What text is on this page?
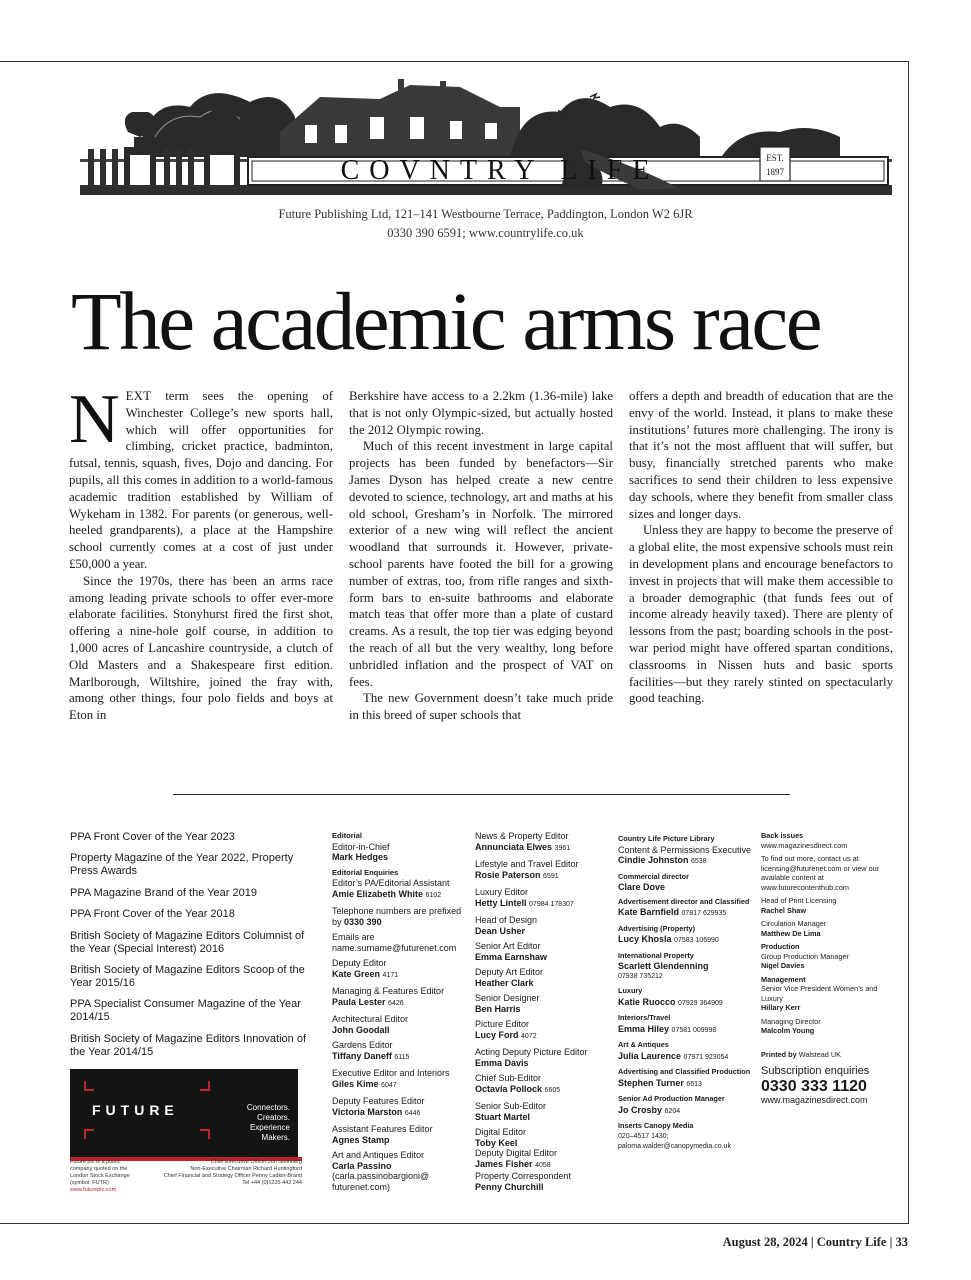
EST.
1897
COVNTRY LIFE
Future Publishing Ltd, 121–141 Westbourne Terrace, Paddington, London W2 6JR
0330 390 6591; www.countrylife.co.uk
The academic arms race

NEXT term sees the opening of Winchester College’s new sports hall, which will offer opportunities for climbing, cricket practice, badminton, futsal, tennis, squash, fives, Dojo and dancing. For pupils, all this comes in addition to a world-famous academic tradition established by William of Wykeham in 1382. For parents (or generous, well-heeled grandparents), a place at the Hampshire school currently comes at a cost of just under £50,000 a year.

Since the 1970s, there has been an arms race among leading private schools to offer ever-more elaborate facilities. Stonyhurst fired the first shot, offering a nine-hole golf course, in addition to 1,000 acres of Lancashire countryside, a clutch of Old Masters and a Shakespeare first edition. Marlborough, Wiltshire, joined the fray with, among other things, four polo fields and boys at Eton in

Berkshire have access to a 2.2km (1.36-mile) lake that is not only Olympic-sized, but actually hosted the 2012 Olympic rowing.

Much of this recent investment in large capital projects has been funded by benefactors—Sir James Dyson has helped create a new centre devoted to science, technology, art and maths at his old school, Gresham’s in Norfolk. The mirrored exterior of a new wing will reflect the ancient woodland that surrounds it. However, private-school parents have footed the bill for a growing number of extras, too, from rifle ranges and sixth-form bars to en-suite bathrooms and elaborate match teas that offer more than a plate of custard creams. As a result, the top tier was edging beyond the reach of all but the very wealthy, long before unbridled inflation and the prospect of VAT on fees.

The new Government doesn’t take much pride in this breed of super schools that

offers a depth and breadth of education that are the envy of the world. Instead, it plans to make these institutions’ futures more challenging. The irony is that it’s not the most affluent that will suffer, but busy, financially stretched parents who make sacrifices to send their children to less expensive day schools, where they benefit from smaller class sizes and longer days.

Unless they are happy to become the preserve of a global elite, the most expensive schools must rein in development plans and encourage benefactors to invest in projects that will make them accessible to a broader demographic (that funds fees out of income already heavily taxed). There are plenty of lessons from the past; boarding schools in the post-war period might have offered spartan conditions, classrooms in Nissen huts and basic sports facilities—but they rarely stinted on spectacularly good teaching.

PPA Front Cover of the Year 2023
Property Magazine of the Year 2022, Property Press Awards
PPA Magazine Brand of the Year 2019
PPA Front Cover of the Year 2018
British Society of Magazine Editors Columnist of the Year (Special Interest) 2016
British Society of Magazine Editors Scoop of the Year 2015/16
PPA Specialist Consumer Magazine of the Year 2014/15
British Society of Magazine Editors Innovation of the Year 2014/15
FUTURE	Connectors.
Creators.
Experience
Makers.
Future plc is a public company quoted on the London Stock Exchange (symbol: FUTR)
www.futureplc.com
Chief Executive Officer Jon Steinberg
Non-Executive Chairman Richard Huntingford
Chief Financial and Strategy Officer Penny Ladkin-Brand
Tel +44 (0)1225 442 244
Editorial
Editor-in-Chief
Mark Hedges
Editorial Enquiries
Editor’s PA/Editorial Assistant
Amie Elizabeth White 6102
Telephone numbers are prefixed by 0330 390
Emails are name.surname@futurenet.com
Deputy Editor
Kate Green 4171
Managing & Features Editor
Paula Lester 6426
Architectural Editor
John Goodall
Gardens Editor
Tiffany Daneff 6115
Executive Editor and Interiors
Giles Kime 6047
Deputy Features Editor
Victoria Marston 6446
Assistant Features Editor
Agnes Stamp
Art and Antiques Editor
Carla Passino
(carla.passinobargioni@ futurenet.com)
News & Property Editor
Annunciata Elwes 3961
Lifestyle and Travel Editor
Rosie Paterson 6591
Luxury Editor
Hetty Lintell 07984 178307
Head of Design
Dean Usher
Senior Art Editor
Emma Earnshaw
Deputy Art Editor
Heather Clark
Senior Designer
Ben Harris
Picture Editor
Lucy Ford 4072
Acting Deputy Picture Editor
Emma Davis
Chief Sub-Editor
Octavia Pollock 6605
Senior Sub-Editor
Stuart Martel
Digital Editor
Toby Keel
Deputy Digital Editor
James Fisher 4058
Property Correspondent
Penny Churchill
Country Life Picture Library
Content & Permissions Executive
Cindie Johnston 6538
Commercial director
Clare Dove
Advertisement director and Classified
Kate Barnfield 07817 629935
Advertising (Property)
Lucy Khosla 07583 106990
International Property
Scarlett Glendenning
07938 735212
Luxury
Katie Ruocco 07929 364909
Interiors/Travel
Emma Hiley 07581 009998
Art & Antiques
Julia Laurence 07971 923054
Advertising and Classified Production
Stephen Turner 6613
Senior Ad Production Manager
Jo Crosby 6204
Inserts Canopy Media
020–4517 1430;
paloma.walder@canopymedia.co.uk
Back issues
www.magazinesdirect.com
To find out more, contact us at licensing@futurenet.com or view our available content at www.futurecontenthub.com
Head of Print Licensing
Rachel Shaw
Circulation Manager
Matthew De Lima
Production
Group Production Manager
Nigel Davies
Management
Senior Vice President Women’s and Luxury
Hillary Kerr
Managing Director
Malcolm Young
Printed by Walstead UK
Subscription enquiries
0330 333 1120
www.magazinesdirect.com
August 28, 2024 | Country Life | 33
